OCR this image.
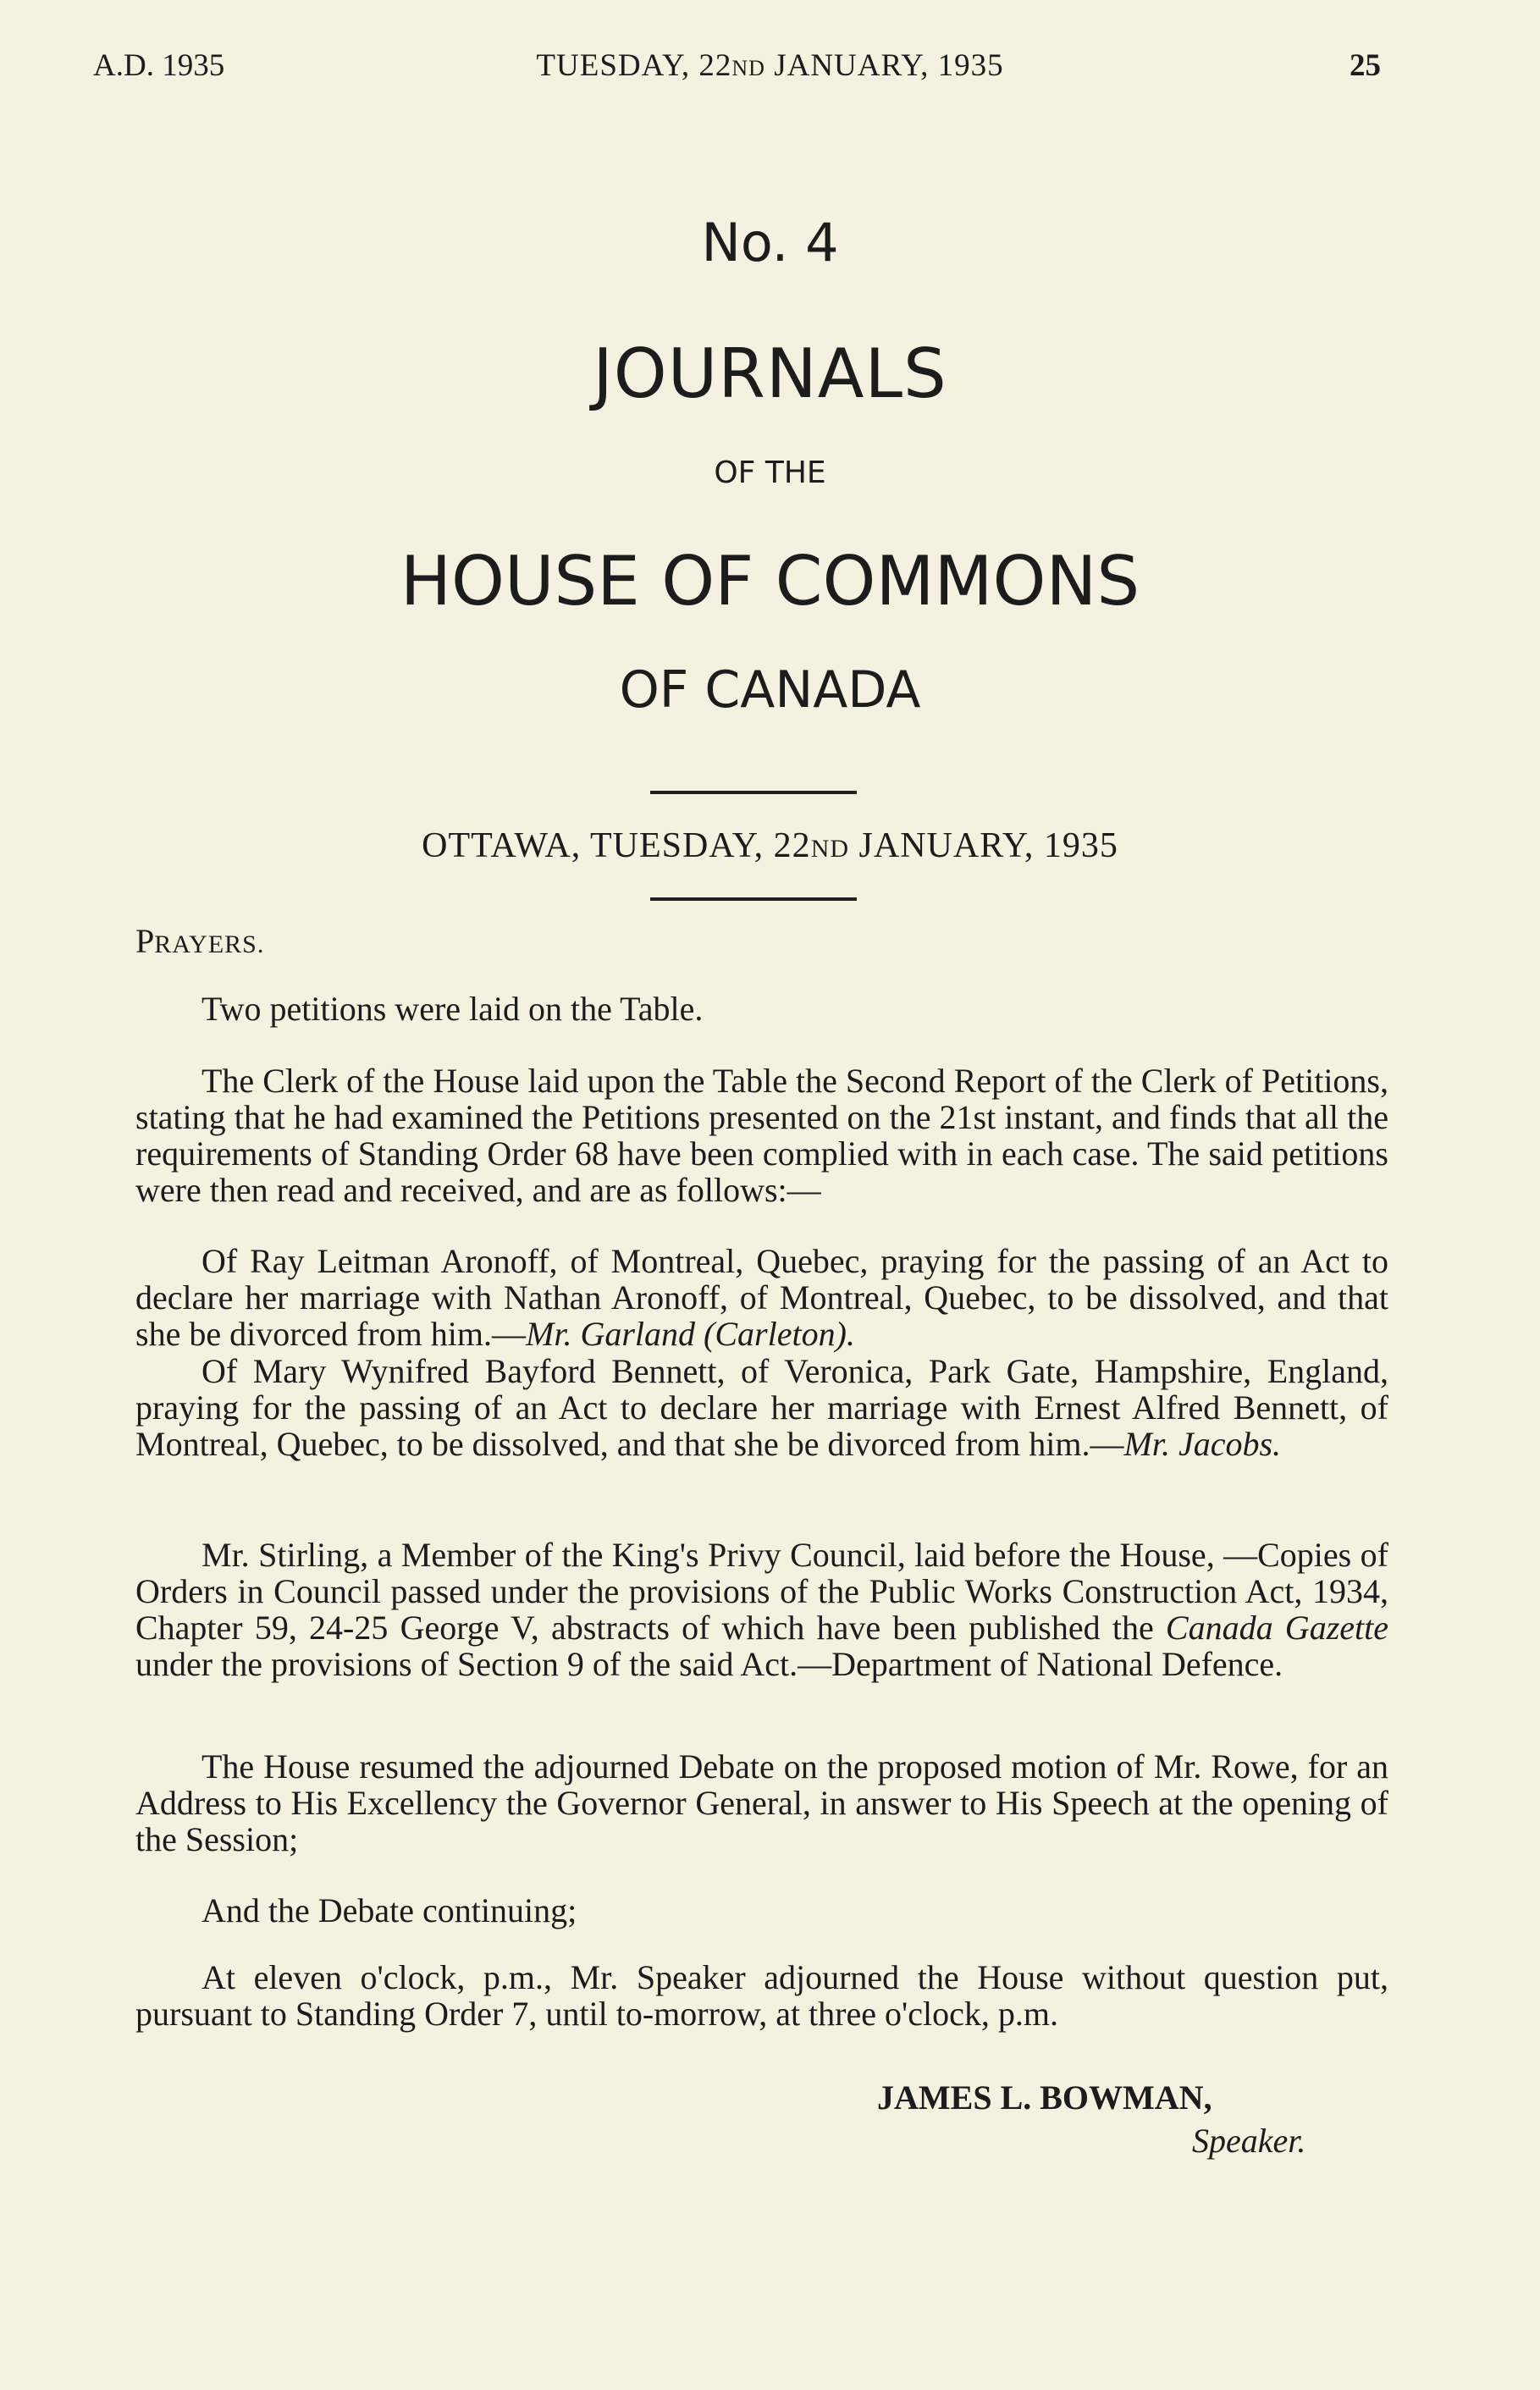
A.D. 1935	TUESDAY, 22ND JANUARY, 1935	25
No. 4
JOURNALS
OF THE
HOUSE OF COMMONS
OF CANADA
OTTAWA, TUESDAY, 22ND JANUARY, 1935
PRAYERS.

Two petitions were laid on the Table.

The Clerk of the House laid upon the Table the Second Report of the Clerk of Petitions, stating that he had examined the Petitions presented on the 21st instant, and finds that all the requirements of Standing Order 68 have been complied with in each case. The said petitions were then read and received, and are as follows:—

Of Ray Leitman Aronoff, of Montreal, Quebec, praying for the passing of an Act to declare her marriage with Nathan Aronoff, of Montreal, Quebec, to be dissolved, and that she be divorced from him.—Mr. Garland (Carleton).

Of Mary Wynifred Bayford Bennett, of Veronica, Park Gate, Hampshire, England, praying for the passing of an Act to declare her marriage with Ernest Alfred Bennett, of Montreal, Quebec, to be dissolved, and that she be divorced from him.—Mr. Jacobs.

Mr. Stirling, a Member of the King's Privy Council, laid before the House, —Copies of Orders in Council passed under the provisions of the Public Works Construction Act, 1934, Chapter 59, 24-25 George V, abstracts of which have been published the Canada Gazette under the provisions of Section 9 of the said Act.—Department of National Defence.

The House resumed the adjourned Debate on the proposed motion of Mr. Rowe, for an Address to His Excellency the Governor General, in answer to His Speech at the opening of the Session;

And the Debate continuing;

At eleven o'clock, p.m., Mr. Speaker adjourned the House without question put, pursuant to Standing Order 7, until to-morrow, at three o'clock, p.m.

JAMES L. BOWMAN,
Speaker.
